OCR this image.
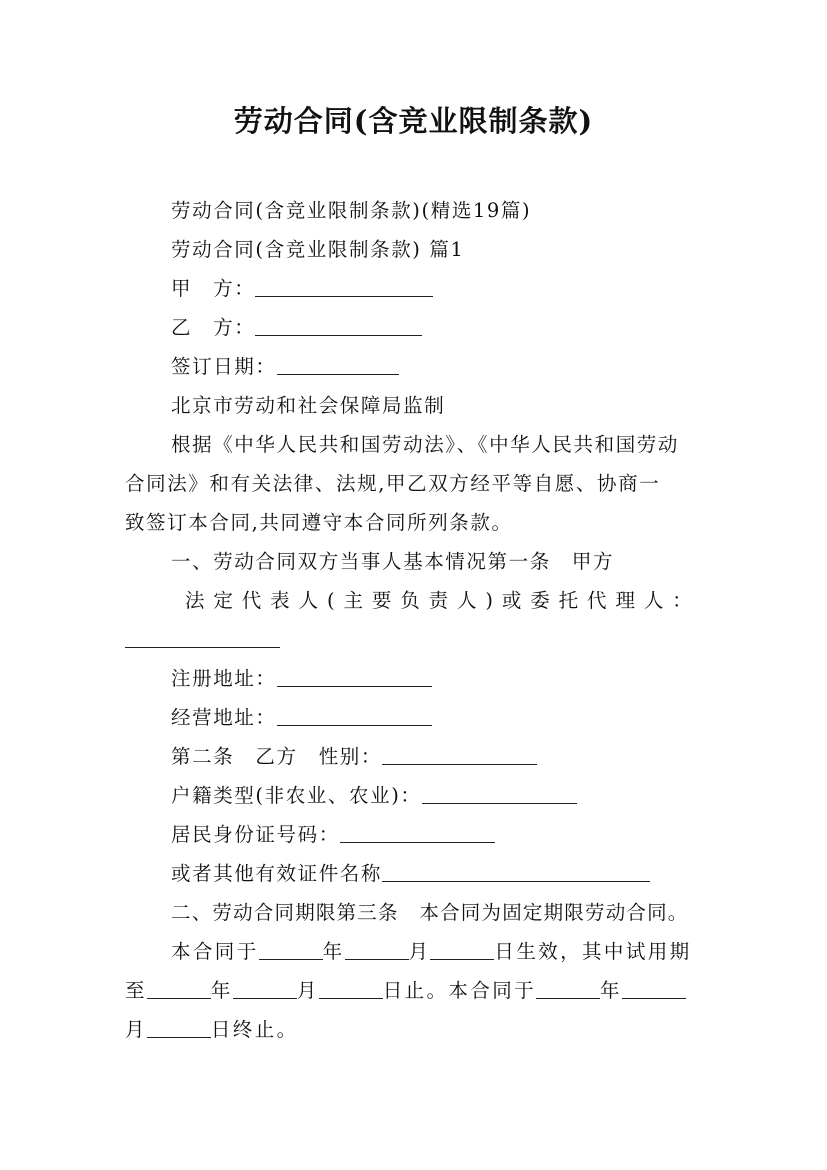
劳动合同(含竞业限制条款)
劳动合同(含竞业限制条款)(精选19篇)
劳动合同(含竞业限制条款) 篇1
甲　方：
乙　方：
签订日期：
北京市劳动和社会保障局监制
根据《中华人民共和国劳动法》、《中华人民共和国劳动
合同法》和有关法律、法规,甲乙双方经平等自愿、协商一
致签订本合同,共同遵守本合同所列条款。
一、劳动合同双方当事人基本情况第一条　甲方
法 定 代 表 人 ( 主 要 负 责 人 ) 或 委 托 代 理 人 ：
注册地址：
经营地址：
第二条　乙方　性别：
户籍类型(非农业、农业)：
居民身份证号码：
或者其他有效证件名称
二、劳动合同期限第三条　本合同为固定期限劳动合同。
本合同于	年	月	日生效，其中试用期
至	年	月	日止。本合同于	年
月	日终止。
